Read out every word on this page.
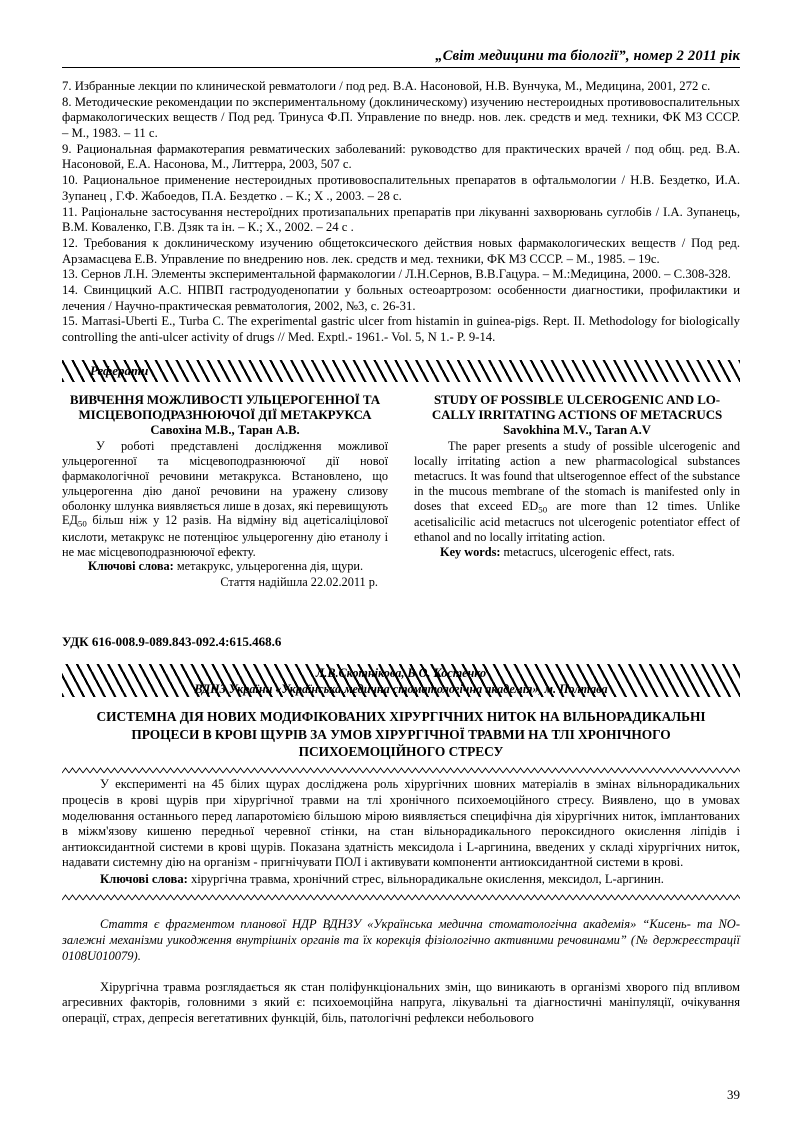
„Світ медицини та біології”, номер 2 2011 рік

7. Избранные лекции по клинической ревматологи / под ред. В.А. Насоновой, Н.В. Вунчука, М., Медицина, 2001, 272 с.

8. Методические рекомендации по экспериментальному (доклиническому) изучению нестероидных противовоспалительных фармакологических веществ / Под ред. Тринуса Ф.П. Управление по внедр. нов. лек. средств и мед. техники, ФК МЗ СССР. – М., 1983. – 11 с.

9. Рациональная фармакотерапия ревматических заболеваний: руководство для практических врачей / под общ. ред. В.А. Насоновой, Е.А. Насонова, М., Литтерра, 2003, 507 с.

10. Рациональное применение нестероидных противовоспалительных препаратов в офтальмологии / Н.В. Бездетко, И.А. Зупанец , Г.Ф. Жабоедов, П.А. Бездетко . – К.; Х ., 2003. – 28 с.

11. Раціональне застосування нестероїдних протизапальних препаратів при лікуванні захворювань суглобів / І.А. Зупанець, В.М. Коваленко, Г.В. Дзяк та ін. – К.; Х., 2002. – 24 с .

12. Требования к доклиническому изучению общетоксического действия новых фармакологических веществ / Под ред. Арзамасцева Е.В. Управление по внедрению нов. лек. средств и мед. техники, ФК МЗ СССР. – М., 1985. – 19с.

13. Сернов Л.Н. Элементы экспериментальной фармакологии / Л.Н.Сернов, В.В.Гацура. – М.:Медицина, 2000. – С.308-328.

14. Свинцицкий А.С. НПВП гастродуоденопатии у больных остеоартрозом: особенности диагностики, профилактики и лечения / Научно-практическая ревматология, 2002, №3, с. 26-31.

15. Marrasi-Uberti E., Turba C. The experimental gastric ulcer from histamin in guinea-pigs. Rept. II. Methodology for biologically controlling the anti-ulcer activity of drugs // Med. Exptl.- 1961.- Vol. 5, N 1.- P. 9-14.

Реферати
ВИВЧЕННЯ МОЖЛИВОСТІ УЛЬЦЕРОГЕННОЇ ТА МІСЦЕВОПОДРАЗНЮЮЧОЇ ДІЇ МЕТАКРУКСА
Савохіна М.В., Таран А.В.
У роботі представлені дослідження можливої ульцерогенної та місцевоподразнюючої дії нової фармакологічної речовини метакрукса. Встановлено, що ульцерогенна дію даної речовини на уражену слизову оболонку шлунка виявляється лише в дозах, які перевищують $ЕД_{50}$ більш ніж у 12 разів. На відміну від ацетісаліцілової кислоти, метакрукс не потенціює ульцерогенну дію етанолу і не має місцевоподразнюючої ефекту.
Ключові слова: метакрукс, ульцерогенна дія, щури.
Стаття надійшла 22.02.2011 р.
STUDY OF POSSIBLE ULCEROGENIC AND LO-CALLY IRRITATING ACTIONS OF METACRUCS
Savokhina M.V., Taran A.V
The paper presents a study of possible ulcerogenic and locally irritating action a new pharmacological substances metacrucs. It was found that ultserogennoe effect of the substance in the mucous membrane of the stomach is manifested only in doses that exceed $ED_{50}$ are more than 12 times. Unlike acetisalicilic acid metacrucs not ulcerogenic potentiator effect of ethanol and no locally irritating action.
Key words: metacrucs, ulcerogenic effect, rats.
УДК 616-008.9-089.843-092.4:615.468.6
Л.В.Скотнікова, В.О. Костенко
ВДНЗ України «Українська медична стоматологічна академія», м. Полтава
СИСТЕМНА ДІЯ НОВИХ МОДИФІКОВАНИХ ХІРУРГІЧНИХ НИТОК НА ВІЛЬНОРАДИКАЛЬНІ ПРОЦЕСИ В КРОВІ ЩУРІВ ЗА УМОВ ХІРУРГІЧНОЇ ТРАВМИ НА ТЛІ ХРОНІЧНОГО ПСИХОЕМОЦІЙНОГО СТРЕСУ
У експерименті на 45 білих щурах досліджена роль хірургічних шовних матеріалів в змінах вільнорадикальних процесів в крові щурів при хірургічної травми на тлі хронічного психоемоційного стресу. Виявлено, що в умовах моделювання останнього перед лапаротомією більшою мірою виявляється специфічна дія хірургічних ниток, імплантованих в міжм'язову кишеню передньої черевної стінки, на стан вільнорадикального пероксидного окислення ліпідів і антиоксидантной системи в крові щурів. Показана здатність мексидола і L-аргинина, введених у складі хірургічних ниток, надавати системну дію на організм - пригнічувати ПОЛ і активувати компоненти антиоксидантной системи в крові.
Ключові слова: хірургічна травма, хронічний стрес, вільнорадикальне окислення, мексидол, L-аргинин.
Стаття є фрагментом планової НДР ВДНЗУ «Українська медична стоматологічна академія» “Кисень- та NO-залежні механізми уикодження внутрішніх органів та їх корекція фізіологічно активними речовинами” (№ держреєстрації 0108U010079).
Хірургічна травма розглядається як стан поліфункціональних змін, що виникають в організмі хворого під впливом агресивних факторів, головними з який є: психоемоційна напруга, лікувальні та діагностичні маніпуляції, очікування операції, страх, депресія вегетативних функцій, біль, патологічні рефлекси небольового
39
